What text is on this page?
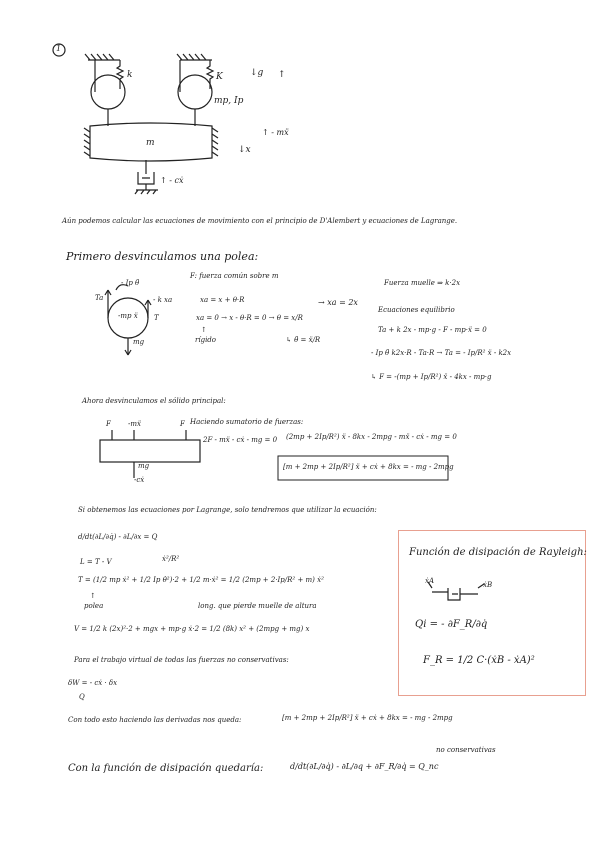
1
k	K
mp, Ip
↓g ↑
m
↑ - mẍ
↓x
↑ - cẋ
Aún podemos calcular las ecuaciones de movimiento con el principio de D'Alembert y ecuaciones de Lagrange.
Primero desvinculamos una polea:
- Ip θ̈
Ta	- k xa
-mp ẍ T
mg
F: fuerza común sobre m
xa = x + θ·R
xa = 0 → x - θ·R = 0 → θ = x/R
↑
rígido	↳ θ̈ = ẍ/R
→ xa = 2x
Fuerza muelle ⇒ k·2x
Ecuaciones equilibrio
Ta + k 2x - mp·g - F - mp·ẍ = 0
- Ip θ̈ k2x·R - Ta·R → Ta = - Ip/R² ẍ - k2x
↳ F = -(mp + Ip/R²) ẍ - 4kx - mp·g
Ahora desvinculamos el sólido principal:
F -mẍ	F
mg
-cẋ
Haciendo sumatorio de fuerzas:
2F - mẍ - cẋ - mg = 0 (2mp + 2Ip/R²) ẍ - 8kx - 2mpg - mẍ - cẋ - mg = 0
[m + 2mp + 2Ip/R²] ẍ + cẋ + 8kx = - mg - 2mpg
Si obtenemos las ecuaciones por Lagrange, solo tendremos que utilizar la ecuación:
d/dt(∂L/∂q̇) - ∂L/∂x = Q
L = T - V	ẋ²/R²
T = (1/2 mp ẋ² + 1/2 Ip θ̇²)·2 + 1/2 m·ẋ² = 1/2 (2mp + 2·Ip/R² + m) ẋ²
↑
polea	long. que pierde muelle de altura
V = 1/2 k (2x)²·2 + mgx + mp·g ẋ·2 = 1/2 (8k) x² + (2mpg + mg) x
Para el trabajo virtual de todas las fuerzas no conservativas:
δW = - cẋ · δx
Q
Con todo esto haciendo las derivadas nos queda:	[m + 2mp + 2Ip/R²] ẍ + cẋ + 8kx = - mg - 2mpg
Con la función de disipación quedaría:	d/dt(∂L/∂q̇) - ∂L/∂q + ∂F_R/∂q̇ = Q_nc
no conservativas
Función de disipación de Rayleigh:
ẋA	ẋB
Qi = - ∂F_R/∂q̇
F_R = 1/2 C·(ẋB - ẋA)²
